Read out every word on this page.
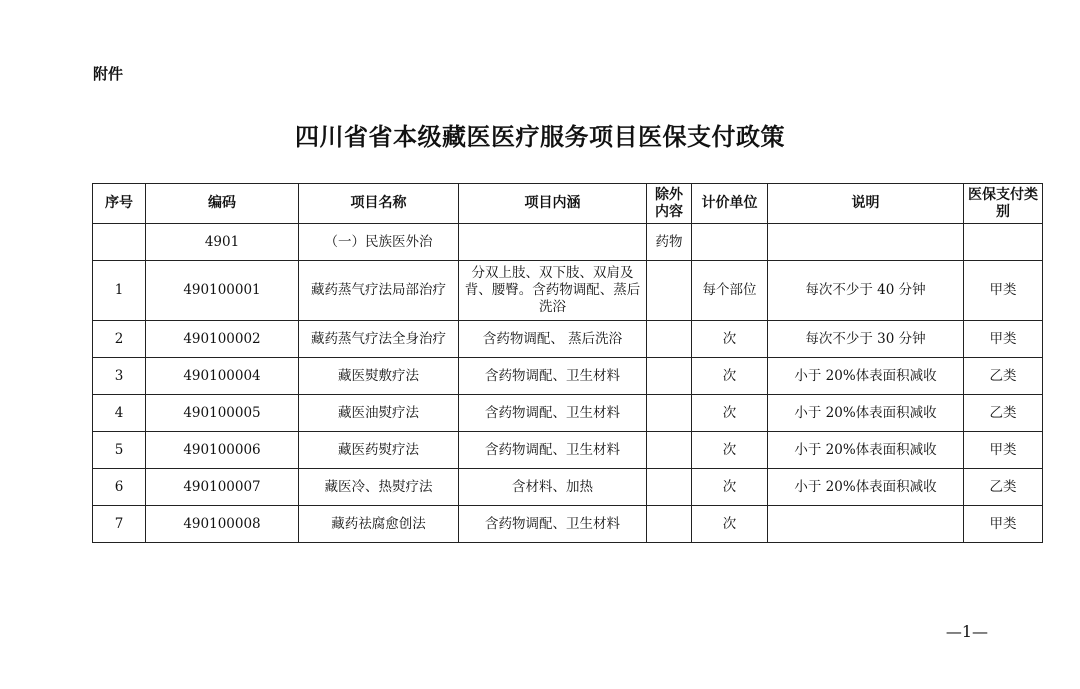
附件
四川省省本级藏医医疗服务项目医保支付政策
序号	编码	项目名称	项目内涵	除外内容	计价单位	说明	医保支付类别
	4901	（一）民族医外治		药物			
1	490100001	藏药蒸气疗法局部治疗	分双上肢、双下肢、双肩及背、腰臀。含药物调配、蒸后洗浴		每个部位	每次不少于 40 分钟	甲类
2	490100002	藏药蒸气疗法全身治疗	含药物调配、 蒸后洗浴		次	每次不少于 30 分钟	甲类
3	490100004	藏医熨敷疗法	含药物调配、卫生材料		次	小于 20%体表面积减收	乙类
4	490100005	藏医油熨疗法	含药物调配、卫生材料		次	小于 20%体表面积减收	乙类
5	490100006	藏医药熨疗法	含药物调配、卫生材料		次	小于 20%体表面积减收	甲类
6	490100007	藏医冷、热熨疗法	含材料、加热		次	小于 20%体表面积减收	乙类
7	490100008	藏药祛腐愈创法	含药物调配、卫生材料		次		甲类
—1—
